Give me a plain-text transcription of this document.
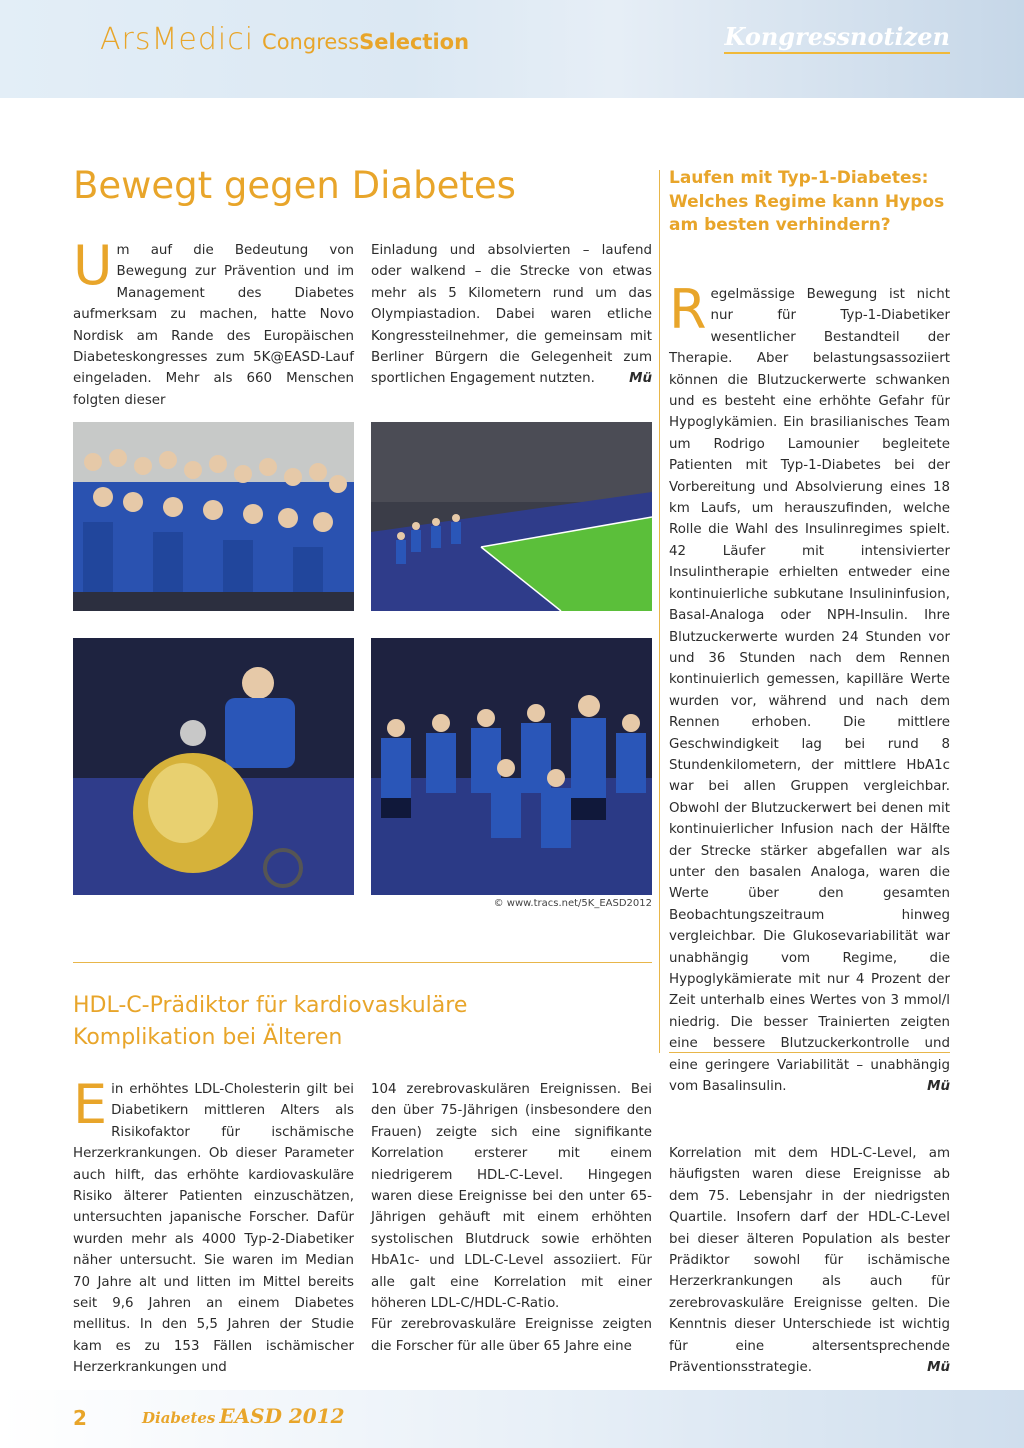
ArsMedici CongressSelection	Kongressnotizen
Bewegt gegen Diabetes
Um auf die Bedeutung von Bewegung zur Prävention und im Management des Diabetes aufmerksam zu machen, hatte Novo Nordisk am Rande des Europäischen Diabeteskongresses zum 5K@EASD-Lauf eingeladen. Mehr als 660 Menschen folgten dieser
Einladung und absolvierten – laufend oder walkend – die Strecke von etwas mehr als 5 Kilometern rund um das Olympiastadion. Dabei waren etliche Kongressteilnehmer, die gemeinsam mit Berliner Bürgern die Gelegenheit zum sportlichen Engagement nutzten.	Mü
© www.tracs.net/5K_EASD2012
HDL-C-Prädiktor für kardiovaskuläre
Komplikation bei Älteren
Ein erhöhtes LDL-Cholesterin gilt bei Diabetikern mittleren Alters als Risikofaktor für ischämische Herzerkrankungen. Ob dieser Parameter auch hilft, das erhöhte kardiovaskuläre Risiko älterer Patienten einzuschätzen, untersuchten japanische Forscher. Dafür wurden mehr als 4000 Typ-2-Diabetiker näher untersucht. Sie waren im Median 70 Jahre alt und litten im Mittel bereits seit 9,6 Jahren an einem Diabetes mellitus. In den 5,5 Jahren der Studie kam es zu 153 Fällen ischämischer Herzerkrankungen und
104 zerebrovaskulären Ereignissen. Bei den über 75-Jährigen (insbesondere den Frauen) zeigte sich eine signifikante Korrelation ersterer mit einem niedrigerem HDL-C-Level. Hingegen waren diese Ereignisse bei den unter 65-Jährigen gehäuft mit einem erhöhten systolischen Blutdruck sowie erhöhten HbA1c- und LDL-C-Level assoziiert. Für alle galt eine Korrelation mit einer höheren LDL-C/HDL-C-Ratio.
Für zerebrovaskuläre Ereignisse zeigten die Forscher für alle über 65 Jahre eine
Korrelation mit dem HDL-C-Level, am häufigsten waren diese Ereignisse ab dem 75. Lebensjahr in der niedrigsten Quartile. Insofern darf der HDL-C-Level bei dieser älteren Population als bester Prädiktor sowohl für ischämische Herzerkrankungen als auch für zerebrovaskuläre Ereignisse gelten. Die Kenntnis dieser Unterschiede ist wichtig für eine altersentsprechende Präventionsstrategie.	Mü
Laufen mit Typ-1-Diabetes: Welches Regime kann Hypos am besten verhindern?
Regelmässige Bewegung ist nicht nur für Typ-1-Diabetiker wesentlicher Bestandteil der Therapie. Aber belastungsassoziiert können die Blutzuckerwerte schwanken und es besteht eine erhöhte Gefahr für Hypoglykämien. Ein brasilianisches Team um Rodrigo Lamounier begleitete Patienten mit Typ-1-Diabetes bei der Vorbereitung und Absolvierung eines 18 km Laufs, um herauszufinden, welche Rolle die Wahl des Insulinregimes spielt. 42 Läufer mit intensivierter Insulintherapie erhielten entweder eine kontinuierliche subkutane Insulininfusion, Basal-Analoga oder NPH-Insulin. Ihre Blutzuckerwerte wurden 24 Stunden vor und 36 Stunden nach dem Rennen kontinuierlich gemessen, kapilläre Werte wurden vor, während und nach dem Rennen erhoben. Die mittlere Geschwindigkeit lag bei rund 8 Stundenkilometern, der mittlere HbA1c war bei allen Gruppen vergleichbar. Obwohl der Blutzuckerwert bei denen mit kontinuierlicher Infusion nach der Hälfte der Strecke stärker abgefallen war als unter den basalen Analoga, waren die Werte über den gesamten Beobachtungszeitraum hinweg vergleichbar. Die Glukosevariabilität war unabhängig vom Regime, die Hypoglykämierate mit nur 4 Prozent der Zeit unterhalb eines Wertes von 3 mmol/l niedrig. Die besser Trainierten zeigten eine bessere Blutzuckerkontrolle und eine geringere Variabilität – unabhängig vom Basalinsulin.	Mü
2	Diabetes EASD 2012
